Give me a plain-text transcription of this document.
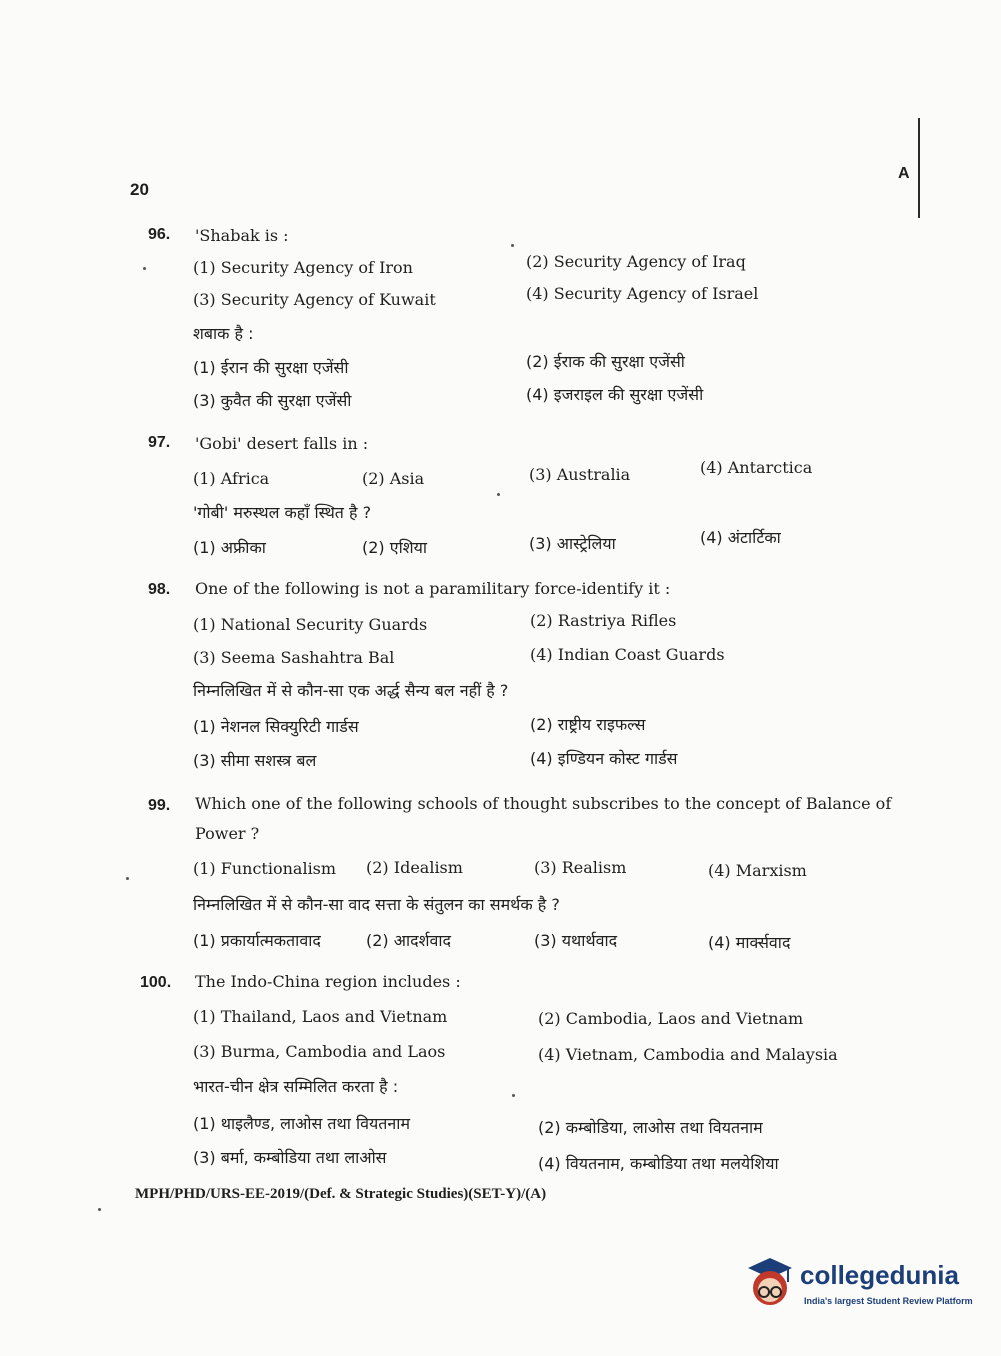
20
A
96. 'Shabak is :
(1) Security Agency of Iron	(2) Security Agency of Iraq
(3) Security Agency of Kuwait	(4) Security Agency of Israel
शबाक है :
(1) ईरान की सुरक्षा एजेंसी	(2) ईराक की सुरक्षा एजेंसी
(3) कुवैत की सुरक्षा एजेंसी	(4) इजराइल की सुरक्षा एजेंसी
97. 'Gobi' desert falls in :
(1) Africa	(2) Asia	(3) Australia	(4) Antarctica
'गोबी' मरुस्थल कहाँ स्थित है ?
(1) अफ्रीका	(2) एशिया	(3) आस्ट्रेलिया	(4) अंटार्टिका
98. One of the following is not a paramilitary force-identify it :
(1) National Security Guards	(2) Rastriya Rifles
(3) Seema Sashahtra Bal	(4) Indian Coast Guards
निम्नलिखित में से कौन-सा एक अर्द्ध सैन्य बल नहीं है ?
(1) नेशनल सिक्युरिटी गार्डस	(2) राष्ट्रीय राइफल्स
(3) सीमा सशस्त्र बल	(4) इण्डियन कोस्ट गार्डस
99. Which one of the following schools of thought subscribes to the concept of Balance of Power ?
(1) Functionalism (2) Idealism	(3) Realism	(4) Marxism
निम्नलिखित में से कौन-सा वाद सत्ता के संतुलन का समर्थक है ?
(1) प्रकार्यात्मकतावाद	(2) आदर्शवाद	(3) यथार्थवाद	(4) मार्क्सवाद
100. The Indo-China region includes :
(1) Thailand, Laos and Vietnam	(2) Cambodia, Laos and Vietnam
(3) Burma, Cambodia and Laos	(4) Vietnam, Cambodia and Malaysia
भारत-चीन क्षेत्र सम्मिलित करता है :
(1) थाइलैण्ड, लाओस तथा वियतनाम	(2) कम्बोडिया, लाओस तथा वियतनाम
(3) बर्मा, कम्बोडिया तथा लाओस	(4) वियतनाम, कम्बोडिया तथा मलयेशिया
MPH/PHD/URS-EE-2019/(Def. & Strategic Studies)(SET-Y)/(A)
collegedunia
India's largest Student Review Platform
